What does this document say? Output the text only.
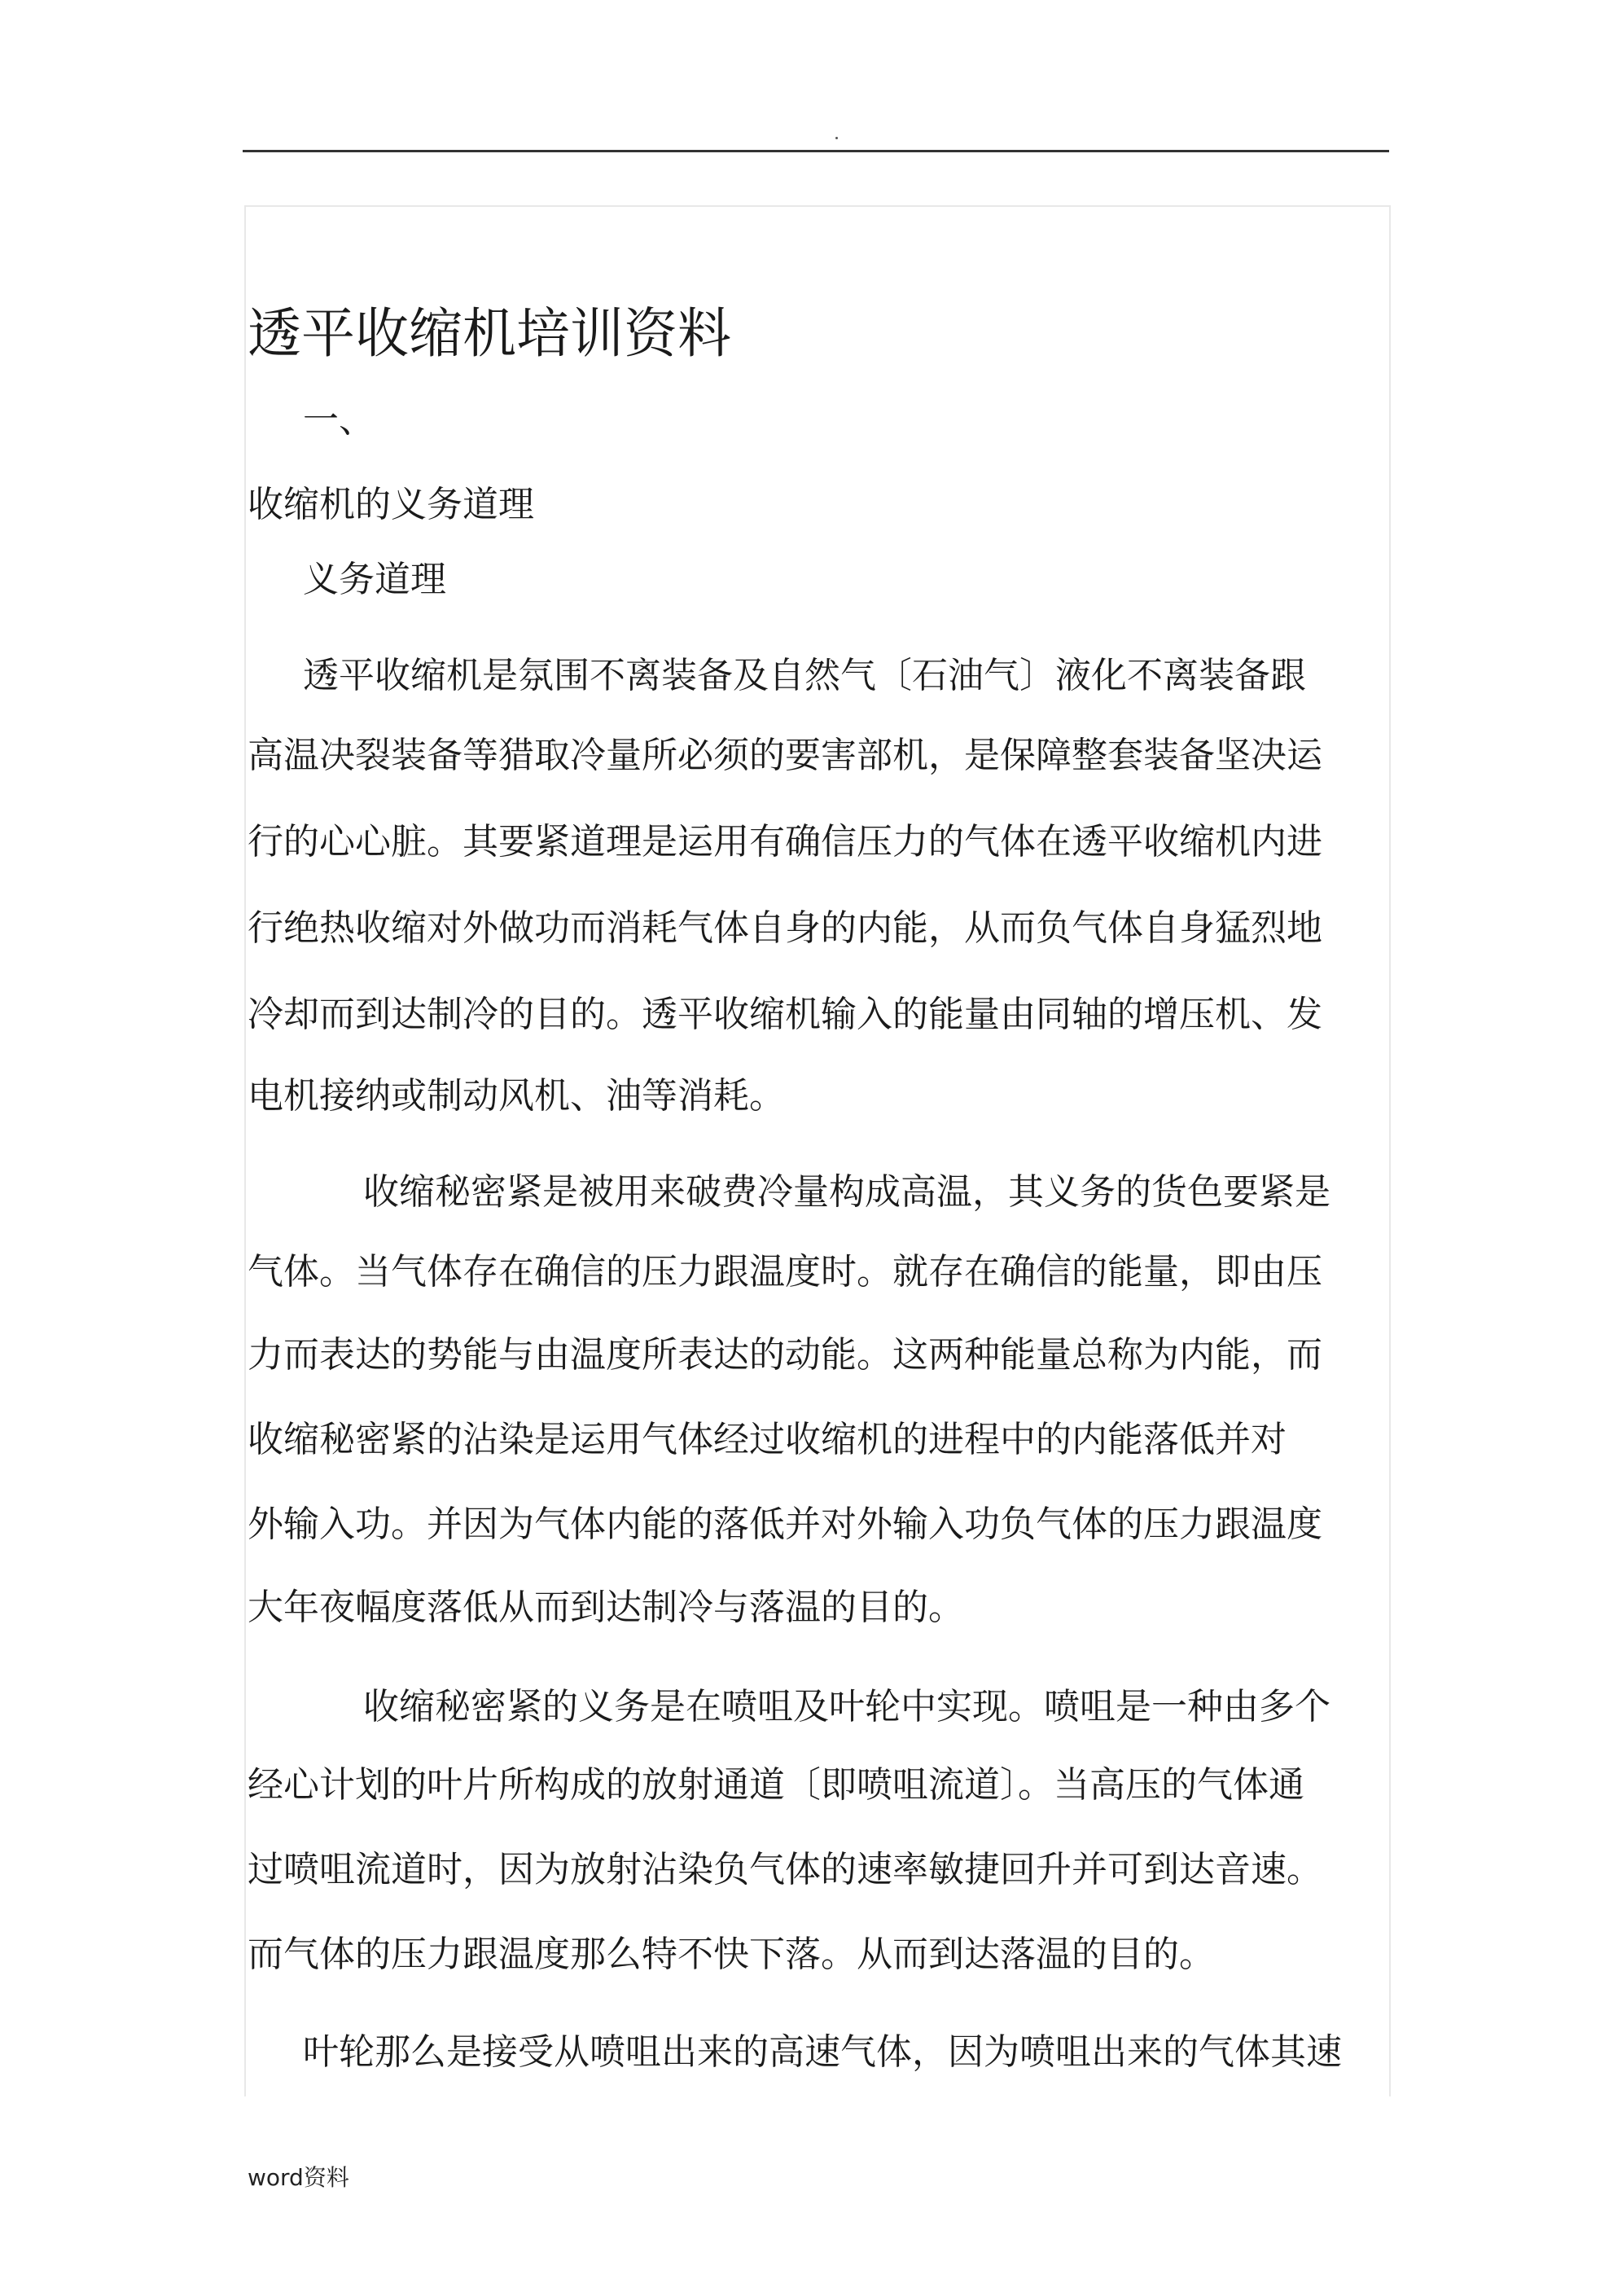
透平收缩机培训资料

一、

收缩机的义务道理

义务道理

透平收缩机是氛围不离装备及自然气〔石油气〕液化不离装备跟

高温决裂装备等猎取冷量所必须的要害部机，是保障整套装备坚决运

行的心心脏。其要紧道理是运用有确信压力的气体在透平收缩机内进

行绝热收缩对外做功而消耗气体自身的内能，从而负气体自身猛烈地

冷却而到达制冷的目的。透平收缩机输入的能量由同轴的增压机、发

电机接纳或制动风机、油等消耗。

收缩秘密紧是被用来破费冷量构成高温，其义务的货色要紧是

气体。当气体存在确信的压力跟温度时。就存在确信的能量，即由压

力而表达的势能与由温度所表达的动能。这两种能量总称为内能，而

收缩秘密紧的沾染是运用气体经过收缩机的进程中的内能落低并对

外输入功。并因为气体内能的落低并对外输入功负气体的压力跟温度

大年夜幅度落低从而到达制冷与落温的目的。

收缩秘密紧的义务是在喷咀及叶轮中实现。喷咀是一种由多个

经心计划的叶片所构成的放射通道〔即喷咀流道〕。当高压的气体通

过喷咀流道时，因为放射沾染负气体的速率敏捷回升并可到达音速。

而气体的压力跟温度那么特不快下落。从而到达落温的目的。

叶轮那么是接受从喷咀出来的高速气体，因为喷咀出来的气体其速

word资料
